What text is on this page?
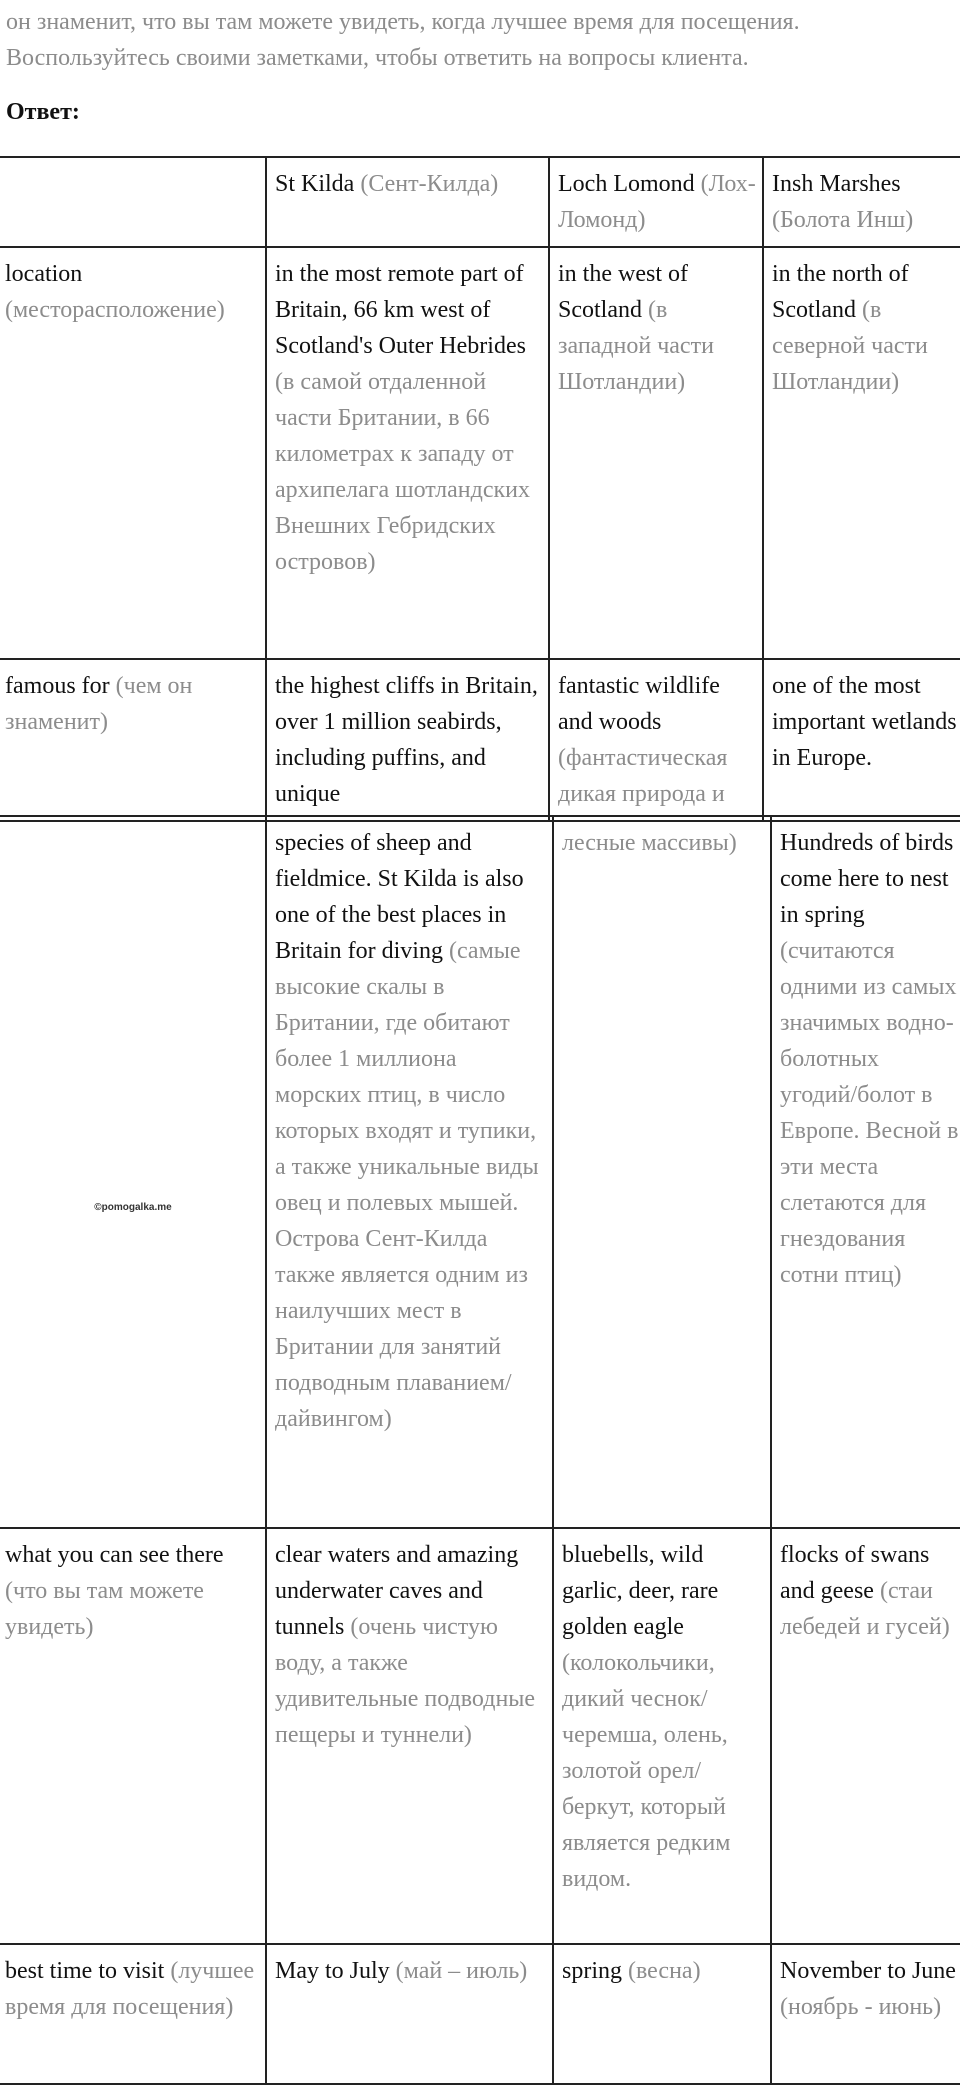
он знаменит, что вы там можете увидеть, когда лучшее время для посещения.
Воспользуйтесь своими заметками, чтобы ответить на вопросы клиента.
Ответ:
	St Kilda (Сент-Килда)	Loch Lomond (Лох-Ломонд)	Insh Marshes (Болота Инш)
location (месторасположение)	in the most remote part of Britain, 66 km west of Scotland's Outer Hebrides (в самой отдаленной части Британии, в 66 километрах к западу от архипелага шотландских Внешних Гебридских островов)	in the west of Scotland (в западной части Шотландии)	in the north of Scotland (в северной части Шотландии)
famous for (чем он знаменит)	the highest cliffs in Britain, over 1 million seabirds, including puffins, and unique	fantastic wildlife and woods (фантастическая дикая природа и	one of the most important wetlands in Europe.
©pomogalka.me	species of sheep and fieldmice. St Kilda is also one of the best places in Britain for diving (самые высокие скалы в Британии, где обитают более 1 миллиона морских птиц, в число которых входят и тупики, а также уникальные виды овец и полевых мышей. Острова Сент-Килда также является одним из наилучших мест в Британии для занятий подводным плаванием/дайвингом)	лесные массивы)	Hundreds of birds come here to nest in spring (считаются одними из самых значимых водно-болотных угодий/болот в Европе. Весной в эти места слетаются для гнездования сотни птиц)
what you can see there (что вы там можете увидеть)	clear waters and amazing underwater caves and tunnels (очень чистую воду, а также удивительные подводные пещеры и туннели)	bluebells, wild garlic, deer, rare golden eagle (колокольчики, дикий чеснок/черемша, олень, золотой орел/беркут, который является редким видом.	flocks of swans and geese (стаи лебедей и гусей)
best time to visit (лучшее время для посещения)	May to July (май – июль)	spring (весна)	November to June (ноябрь - июнь)
